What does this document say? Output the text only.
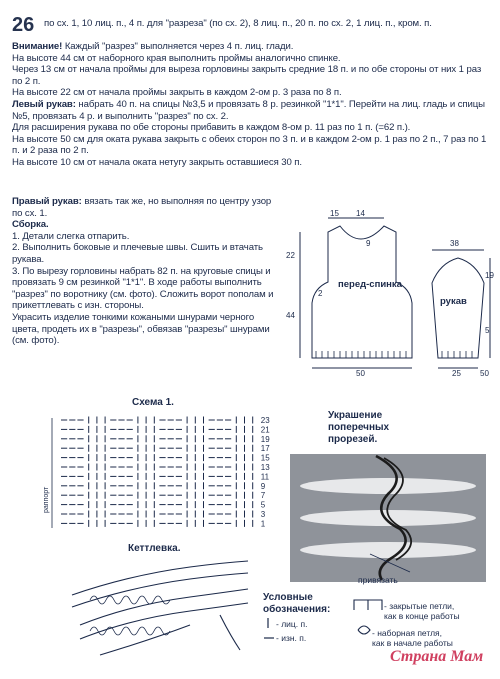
26 по сх. 1, 10 лиц. п., 4 п. для "разреза" (по сх. 2), 8 лиц. п., 20 п. по сх. 2, 1 лиц. п., кром. п.

Внимание! Каждый "разрез" выполняется через 4 п. лиц. глади.

На высоте 44 см от наборного края выполнить проймы аналогично спинке.

Через 13 см от начала проймы для выреза горловины закрыть средние 18 п. и по обе стороны от них 1 раз по 2 п.

На высоте 22 см от начала проймы закрыть в каждом 2-ом р. 3 раза по 8 п.

Левый рукав: набрать 40 п. на спицы №3,5 и провязать 8 р. резинкой "1*1". Перейти на лиц. гладь и спицы №5, провязать 4 р. и выполнить "разрез" по сх. 2.

Для расширения рукава по обе стороны прибавить в каждом 8-ом р. 11 раз по 1 п. (=62 п.).

На высоте 50 см для оката рукава закрыть с обеих сторон по 3 п. и в каждом 2-ом р. 1 раз по 2 п., 7 раз по 1 п. и 2 раза по 2 п.

На высоте 10 см от начала оката нетугу закрыть оставшиеся 30 п.

Правый рукав: вязать так же, но выполняя по центру узор по сх. 1.

Сборка.

1. Детали слегка отпарить.

2. Выполнить боковые и плечевые швы. Сшить и втачать рукава.

3. По вырезу горловины набрать 82 п. на круговые спицы и провязать 9 см резинкой "1*1". В ходе работы выполнить "разрез" по воротнику (см. фото). Сложить ворот пополам и прикеттлевать с изн. стороны.

Украсить изделие тонкими кожаными шнурами черного цвета, продеть их в "разрезы", обвязав "разрезы" шнурами (см. фото).

15 14
9
22
2
44
50
38
19
5
25 50
перед-спинка
рукав
Схема 1.
23
21
19
17
15
13
11
9
7
5
3
1
раппорт
Кеттлевка.
Украшение
поперечных
прорезей.
привязать
Условные
обозначения:
- лиц. п.
- изн. п.
- закрытые петли,
как в конце работы
- наборная петля,
как в начале работы
Страна Мам
